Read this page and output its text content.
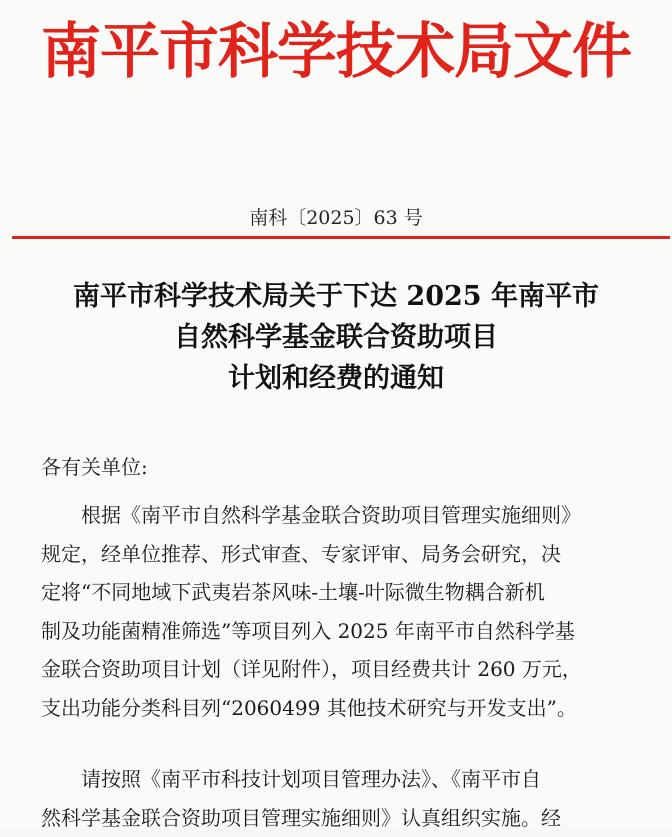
南平市科学技术局文件
南科〔2025〕63 号
南平市科学技术局关于下达 2025 年南平市
自然科学基金联合资助项目
计划和经费的通知
各有关单位:
　　根据《南平市自然科学基金联合资助项目管理实施细则》
规定，经单位推荐、形式审查、专家评审、局务会研究，决
定将“不同地域下武夷岩茶风味-土壤-叶际微生物耦合新机
制及功能菌精准筛选”等项目列入 2025 年南平市自然科学基
金联合资助项目计划（详见附件），项目经费共计 260 万元，
支出功能分类科目列“2060499 其他技术研究与开发支出”。
　　请按照《南平市科技计划项目管理办法》、《南平市自
然科学基金联合资助项目管理实施细则》认真组织实施。经
